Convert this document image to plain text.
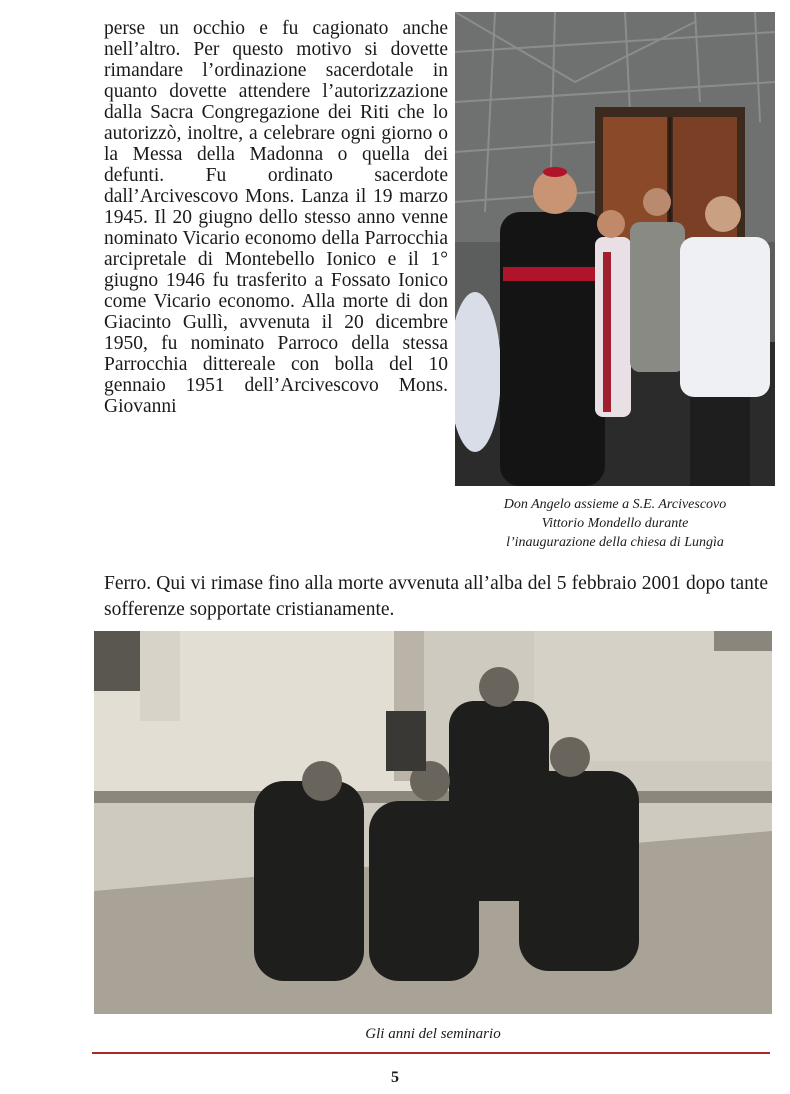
perse un occhio e fu cagionato anche nell’altro. Per questo motivo si dovette rimandare l’ordinazione sacerdotale in quanto dovette attendere l’autorizzazione dalla Sacra Congregazione dei Riti che lo autorizzò, inoltre, a celebrare ogni giorno o la Messa della Madonna o quella dei defunti. Fu ordinato sacerdote dall’Arcivescovo Mons. Lanza il 19 marzo 1945. Il 20 giugno dello stesso anno venne nominato Vicario economo della Parrocchia arcipretale di Montebello Ionico e il 1° giugno 1946 fu trasferito a Fossato Ionico come Vicario economo. Alla morte di don Giacinto Gullì, avvenuta il 20 dicembre 1950, fu nominato Parroco della stessa Parrocchia dittereale con bolla del 10 gennaio 1951 dell’Arcivescovo Mons. Giovanni

Don Angelo assieme a S.E. Arcivescovo
Vittorio Mondello durante
l’inaugurazione della chiesa di Lungìa

Ferro. Qui vi rimase fino alla morte avvenuta all’alba del 5 febbraio 2001 dopo tante sofferenze sopportate cristianamente.

Gli anni del seminario
5
